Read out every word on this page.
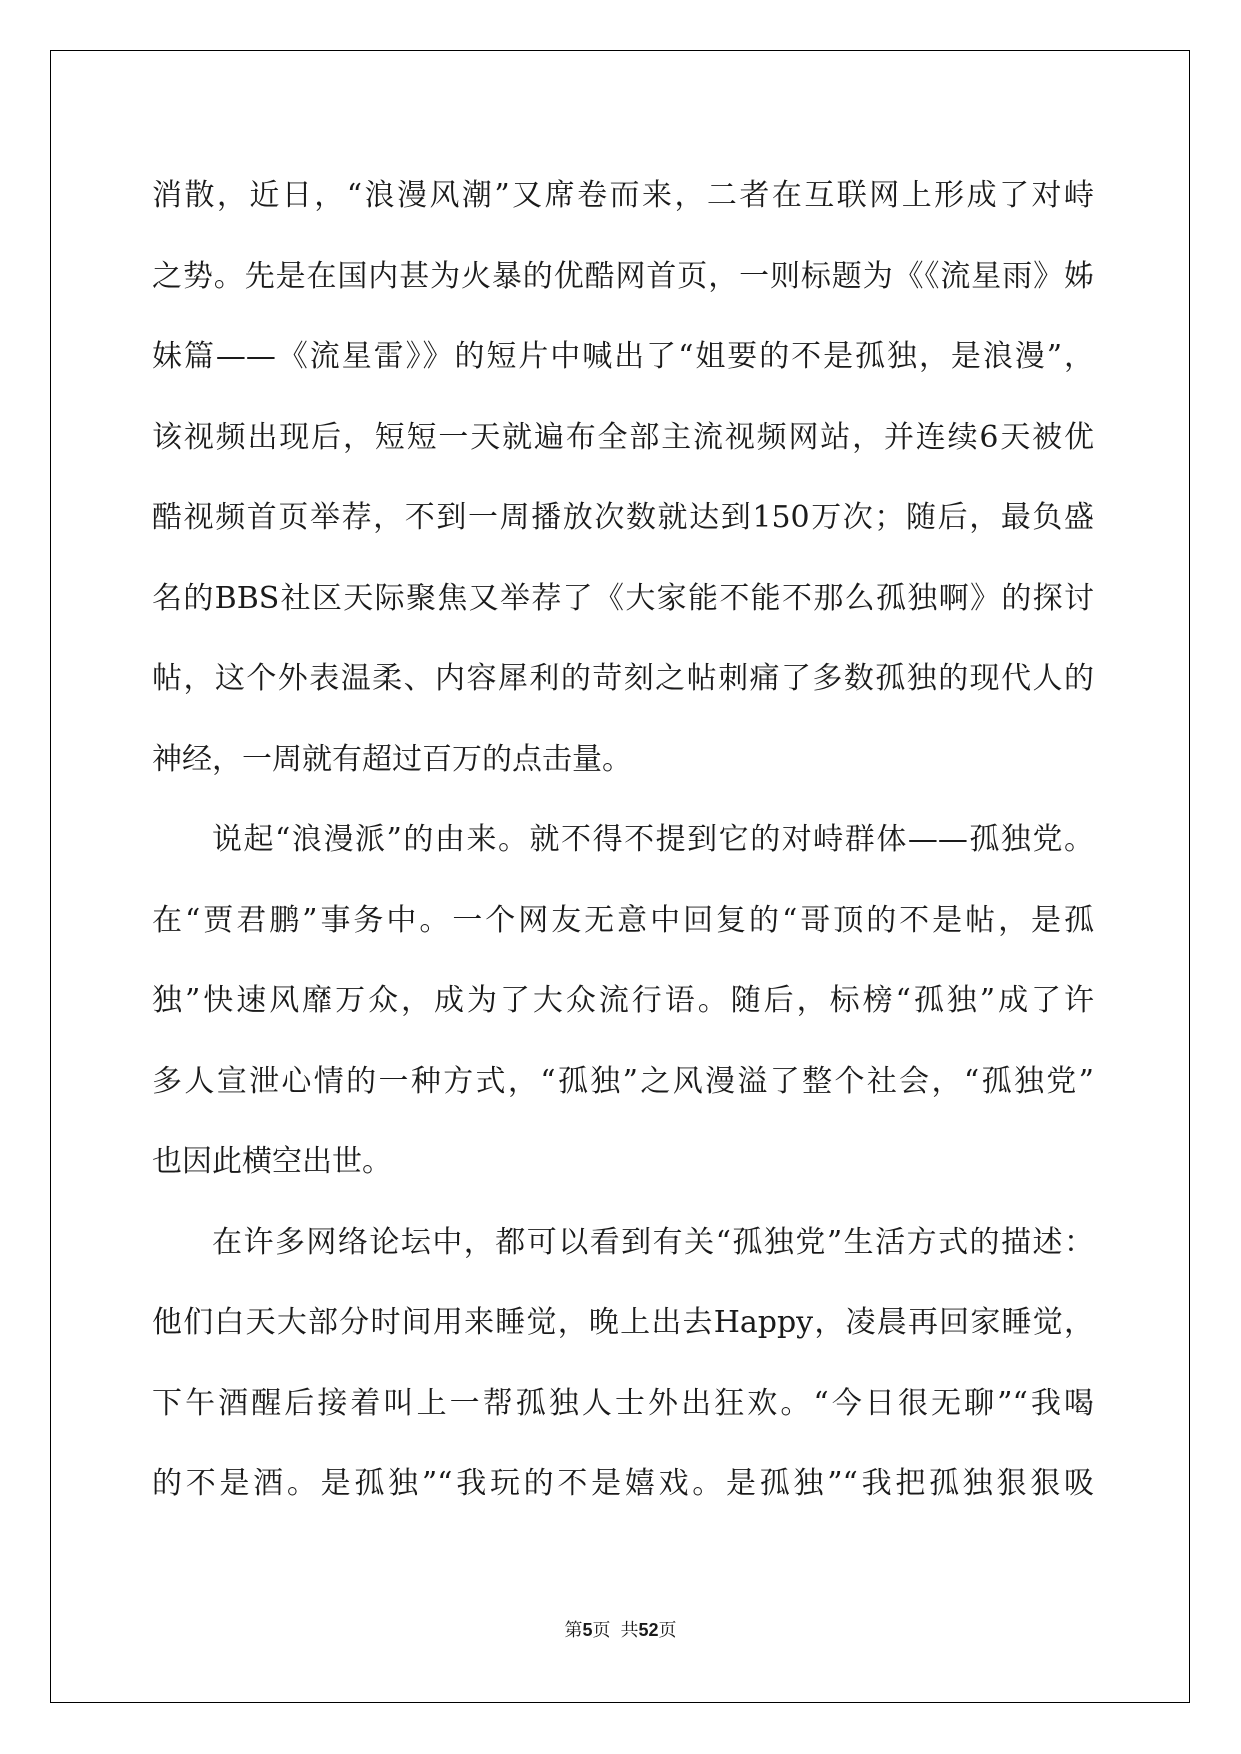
消散，近日，“浪漫风潮”又席卷而来，二者在互联网上形成了对峙
之势。先是在国内甚为火暴的优酷网首页，一则标题为《《流星雨》姊
妹篇——《流星雷》》的短片中喊出了“姐要的不是孤独，是浪漫”，
该视频出现后，短短一天就遍布全部主流视频网站，并连续6天被优
酷视频首页举荐，不到一周播放次数就达到150万次；随后，最负盛
名的BBS社区天际聚焦又举荐了《大家能不能不那么孤独啊》的探讨
帖，这个外表温柔、内容犀利的苛刻之帖刺痛了多数孤独的现代人的
神经，一周就有超过百万的点击量。
说起“浪漫派”的由来。就不得不提到它的对峙群体——孤独党。
在“贾君鹏”事务中。一个网友无意中回复的“哥顶的不是帖，是孤
独”快速风靡万众，成为了大众流行语。随后，标榜“孤独”成了许
多人宣泄心情的一种方式，“孤独”之风漫溢了整个社会，“孤独党”
也因此横空出世。
在许多网络论坛中，都可以看到有关“孤独党”生活方式的描述：
他们白天大部分时间用来睡觉，晚上出去Happy，凌晨再回家睡觉，
下午酒醒后接着叫上一帮孤独人士外出狂欢。“今日很无聊”“我喝
的不是酒。是孤独”“我玩的不是嬉戏。是孤独”“我把孤独狠狠吸
第5页  共52页
